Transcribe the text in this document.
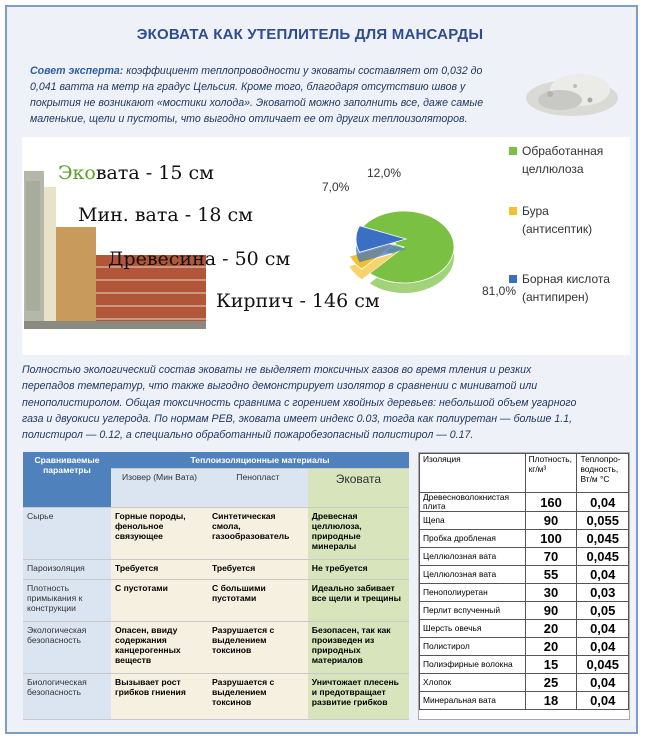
ЭКОВАТА КАК УТЕПЛИТЕЛЬ ДЛЯ МАНСАРДЫ
Совет эксперта: коэффициент теплопроводности у эковаты составляет от 0,032 до 0,041 ватта на метр на градус Цельсия. Кроме того, благодаря отсутствию швов у покрытия не возникают «мостики холода». Эковатой можно заполнить все, даже самые маленькие, щели и пустоты, что выгодно отличает ее от других теплоизоляторов.
Эковата - 15 см
Мин. вата - 18 см
Древесина - 50 см
Кирпич - 146 см	81,0%
7,0%
12,0%
Обработанная
целлюлоза
Бура
(антисептик)
Борная кислота
(антипирен)
Полностью экологический состав эковаты не выделяет токсичных газов во время тления и резких
перепадов температур, что также выгодно демонстрирует изолятор в сравнении с миниватой или
пенополистиролом. Общая токсичность сравнима с горением хвойных деревьев: небольшой объем угарного
газа и двуокиси углерода. По нормам РЕВ, эковата имеет индекс 0.03, тогда как полиуретан — больше 1.1,
полистирол — 0.12, а специально обработанный пожаробезопасный полистирол — 0.17.
Сравниваемые параметры	Теплоизоляционные материалы		
	Изовер (Мин Вата)	Пенопласт	Эковата
Сырье	Горные породы, фенольное связующее	Синтетическая смола, газообразователь	Древесная целлюлоза, природные минералы
Пароизоляция	Требуется	Требуется	Не требуется
Плотность примыкания к конструкции	С пустотами	С большими пустотами	Идеально забивает все щели и трещины
Экологическая безопасность	Опасен, ввиду содержания канцерогенных веществ	Разрушается с выделением токсинов	Безопасен, так как произведен из природных материалов
Биологическая безопасность	Вызывает рост грибков гниения	Разрушается с выделением токсинов	Уничтожает плесень и предотвращает развитие грибков
Изоляция	Плотность, кг/м³	Теплопро-водность, Вт/м °С
Древесноволокнистая плита	160	0,04
Щепа	90	0,055
Пробка дробленая	100	0,045
Целлюлозная вата	70	0,045
Целлюлозная вата	55	0,04
Пенополиуретан	30	0,03
Перлит вспученный	90	0,05
Шерсть овечья	20	0,04
Полистирол	20	0,04
Полиэфирные волокна	15	0,045
Хлопок	25	0,04
Минеральная вата	18	0,04
